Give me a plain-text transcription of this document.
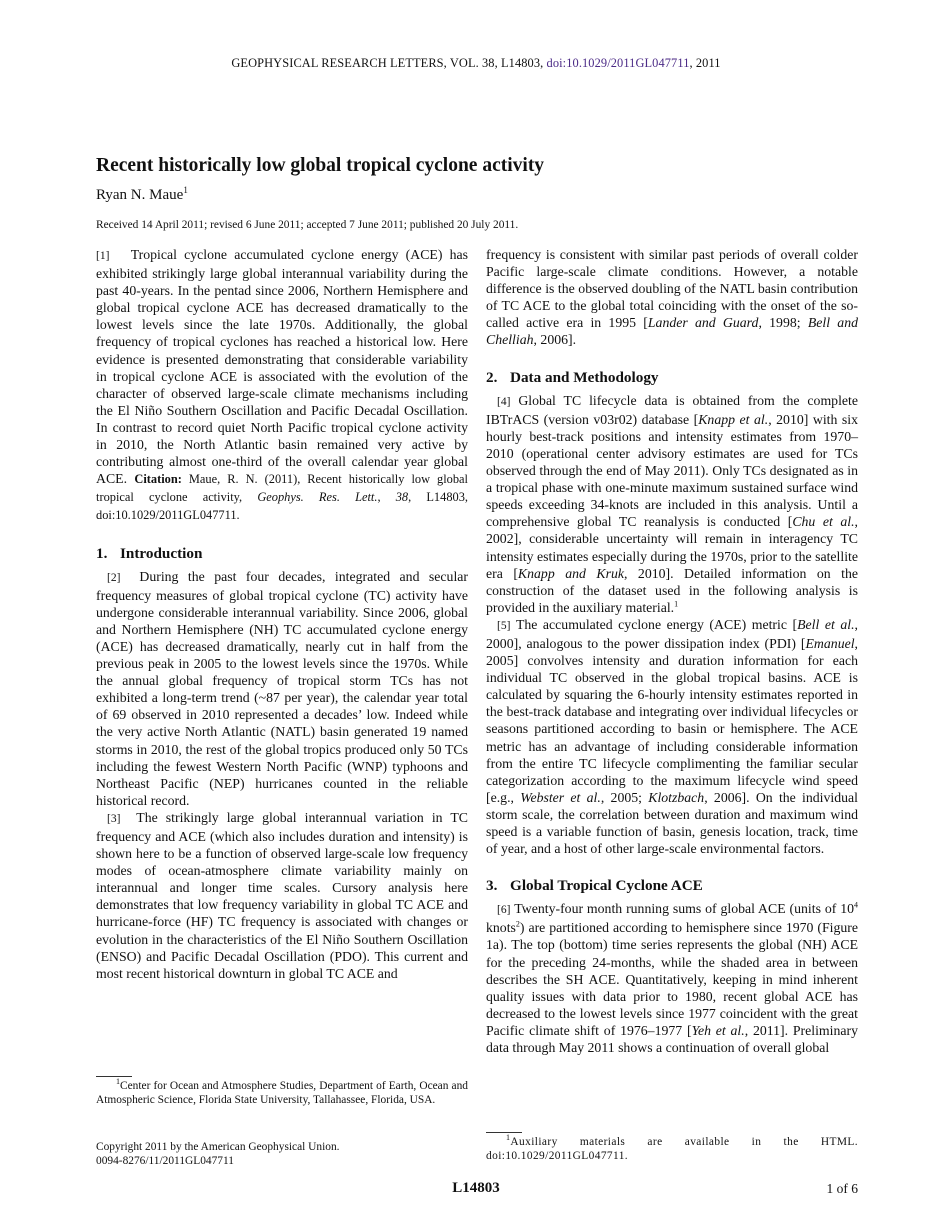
GEOPHYSICAL RESEARCH LETTERS, VOL. 38, L14803, doi:10.1029/2011GL047711, 2011
Recent historically low global tropical cyclone activity
Ryan N. Maue$^1$
Received 14 April 2011; revised 6 June 2011; accepted 7 June 2011; published 20 July 2011.

[1] Tropical cyclone accumulated cyclone energy (ACE) has exhibited strikingly large global interannual variability during the past 40-years. In the pentad since 2006, Northern Hemisphere and global tropical cyclone ACE has decreased dramatically to the lowest levels since the late 1970s. Additionally, the global frequency of tropical cyclones has reached a historical low. Here evidence is presented demonstrating that considerable variability in tropical cyclone ACE is associated with the evolution of the character of observed large-scale climate mechanisms including the El Niño Southern Oscillation and Pacific Decadal Oscillation. In contrast to record quiet North Pacific tropical cyclone activity in 2010, the North Atlantic basin remained very active by contributing almost one-third of the overall calendar year global ACE. Citation: Maue, R. N. (2011), Recent historically low global tropical cyclone activity, Geophys. Res. Lett., 38, L14803, doi:10.1029/2011GL047711.

1. Introduction

[2] During the past four decades, integrated and secular frequency measures of global tropical cyclone (TC) activity have undergone considerable interannual variability. Since 2006, global and Northern Hemisphere (NH) TC accumulated cyclone energy (ACE) has decreased dramatically, nearly cut in half from the previous peak in 2005 to the lowest levels since the 1970s. While the annual global frequency of tropical storm TCs has not exhibited a long-term trend (~87 per year), the calendar year total of 69 observed in 2010 represented a decades’ low. Indeed while the very active North Atlantic (NATL) basin generated 19 named storms in 2010, the rest of the global tropics produced only 50 TCs including the fewest Western North Pacific (WNP) typhoons and Northeast Pacific (NEP) hurricanes counted in the reliable historical record.

[3] The strikingly large global interannual variation in TC frequency and ACE (which also includes duration and intensity) is shown here to be a function of observed large-scale low frequency modes of ocean-atmosphere climate variability mainly on interannual and longer time scales. Cursory analysis here demonstrates that low frequency variability in global TC ACE and hurricane-force (HF) TC frequency is associated with changes or evolution in the characteristics of the El Niño Southern Oscillation (ENSO) and Pacific Decadal Oscillation (PDO). This current and most recent historical downturn in global TC ACE and

$^1$Center for Ocean and Atmosphere Studies, Department of Earth, Ocean and Atmospheric Science, Florida State University, Tallahassee, Florida, USA.

Copyright 2011 by the American Geophysical Union.
0094-8276/11/2011GL047711

frequency is consistent with similar past periods of overall colder Pacific large-scale climate conditions. However, a notable difference is the observed doubling of the NATL basin contribution of TC ACE to the global total coinciding with the onset of the so-called active era in 1995 [Lander and Guard, 1998; Bell and Chelliah, 2006].

2. Data and Methodology

[4] Global TC lifecycle data is obtained from the complete IBTrACS (version v03r02) database [Knapp et al., 2010] with six hourly best-track positions and intensity estimates from 1970–2010 (operational center advisory estimates are used for TCs observed through the end of May 2011). Only TCs designated as in a tropical phase with one-minute maximum sustained surface wind speeds exceeding 34-knots are included in this analysis. Until a comprehensive global TC reanalysis is conducted [Chu et al., 2002], considerable uncertainty will remain in interagency TC intensity estimates especially during the 1970s, prior to the satellite era [Knapp and Kruk, 2010]. Detailed information on the construction of the dataset used in the following analysis is provided in the auxiliary material.$^1$

[5] The accumulated cyclone energy (ACE) metric [Bell et al., 2000], analogous to the power dissipation index (PDI) [Emanuel, 2005] convolves intensity and duration information for each individual TC observed in the global tropical basins. ACE is calculated by squaring the 6-hourly intensity estimates reported in the best-track database and integrating over individual lifecycles or seasons partitioned according to basin or hemisphere. The ACE metric has an advantage of including considerable information from the entire TC lifecycle complimenting the familiar secular categorization according to the maximum lifecycle wind speed [e.g., Webster et al., 2005; Klotzbach, 2006]. On the individual storm scale, the correlation between duration and maximum wind speed is a variable function of basin, genesis location, track, time of year, and a host of other large-scale environmental factors.

3. Global Tropical Cyclone ACE

[6] Twenty-four month running sums of global ACE (units of $10^4$ knots$^2$) are partitioned according to hemisphere since 1970 (Figure 1a). The top (bottom) time series represents the global (NH) ACE for the preceding 24-months, while the shaded area in between describes the SH ACE. Quantitatively, keeping in mind inherent quality issues with data prior to 1980, recent global ACE has decreased to the lowest levels since 1977 coincident with the great Pacific climate shift of 1976–1977 [Yeh et al., 2011]. Preliminary data through May 2011 shows a continuation of overall global

$^1$Auxiliary materials are available in the HTML. doi:10.1029/2011GL047711.

L14803	1 of 6
